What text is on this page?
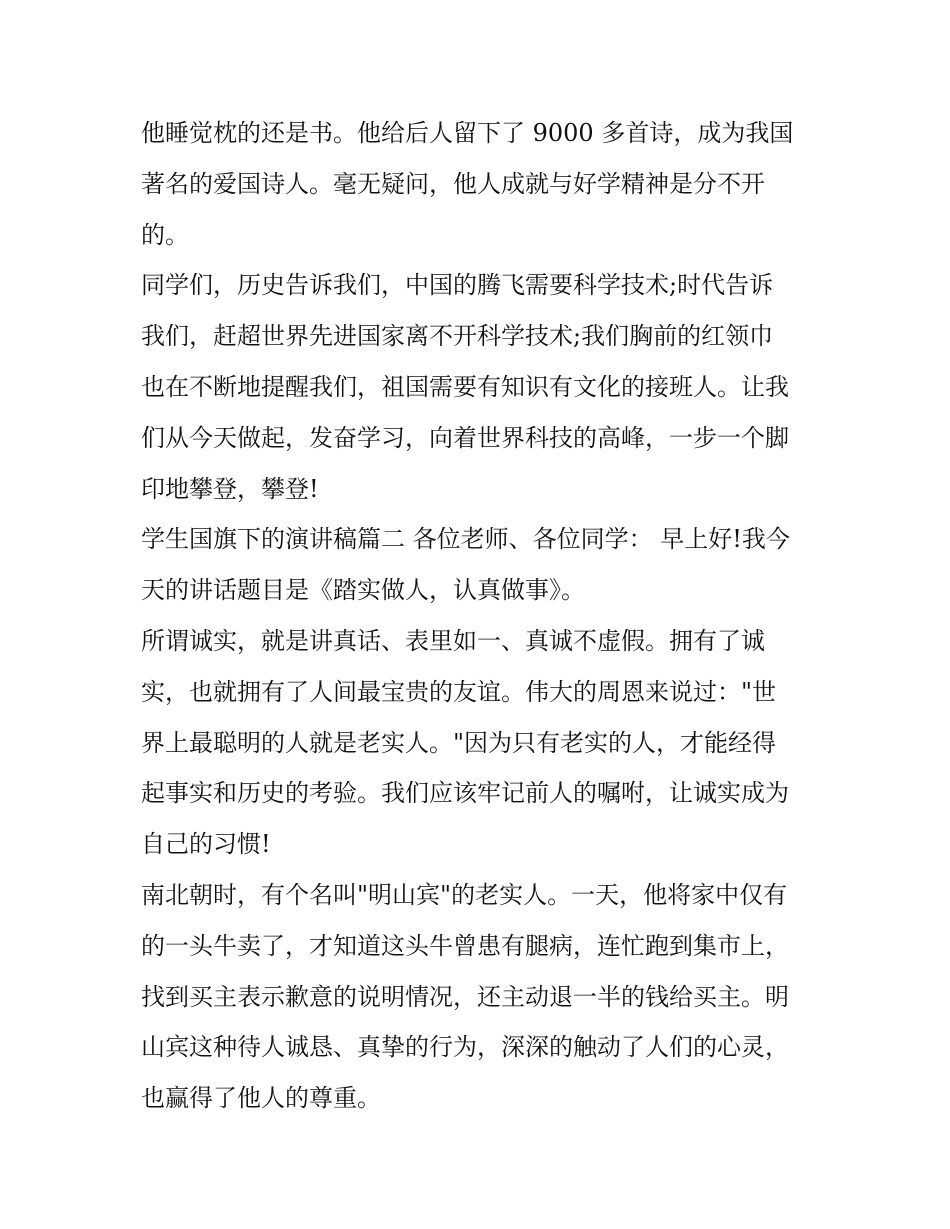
他睡觉枕的还是书。他给后人留下了 9000 多首诗，成为我国
著名的爱国诗人。毫无疑问，他人成就与好学精神是分不开
的。
同学们，历史告诉我们，中国的腾飞需要科学技术;时代告诉
我们，赶超世界先进国家离不开科学技术;我们胸前的红领巾
也在不断地提醒我们，祖国需要有知识有文化的接班人。让我
们从今天做起，发奋学习，向着世界科技的高峰，一步一个脚
印地攀登，攀登!
学生国旗下的演讲稿篇二 各位老师、各位同学： 早上好!我今
天的讲话题目是《踏实做人，认真做事》。
所谓诚实，就是讲真话、表里如一、真诚不虚假。拥有了诚
实，也就拥有了人间最宝贵的友谊。伟大的周恩来说过："世
界上最聪明的人就是老实人。"因为只有老实的人，才能经得
起事实和历史的考验。我们应该牢记前人的嘱咐，让诚实成为
自己的习惯!
南北朝时，有个名叫"明山宾"的老实人。一天，他将家中仅有
的一头牛卖了，才知道这头牛曾患有腿病，连忙跑到集市上，
找到买主表示歉意的说明情况，还主动退一半的钱给买主。明
山宾这种待人诚恳、真挚的行为，深深的触动了人们的心灵，
也赢得了他人的尊重。
